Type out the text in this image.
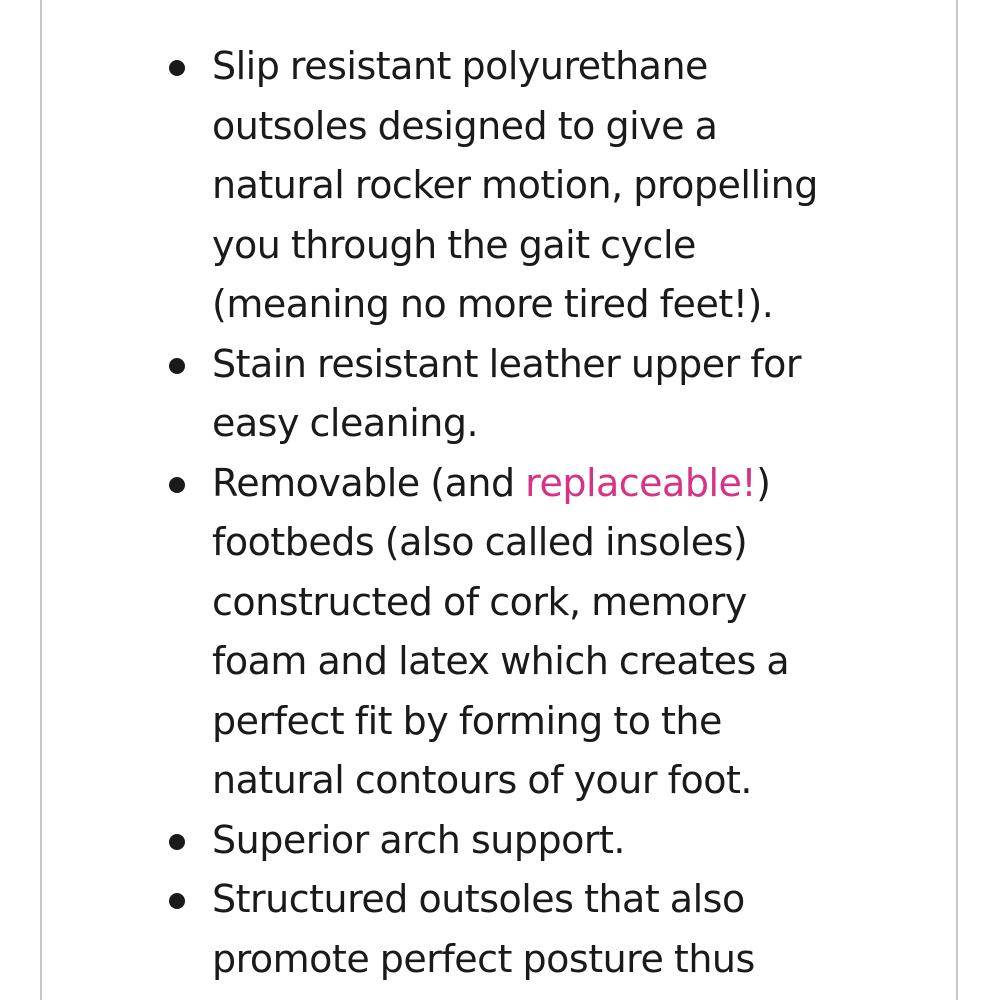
Slip resistant polyurethane
outsoles designed to give a
natural rocker motion, propelling
you through the gait cycle
(meaning no more tired feet!).
Stain resistant leather upper for
easy cleaning.
Removable (and replaceable!)
footbeds (also called insoles)
constructed of cork, memory
foam and latex which creates a
perfect fit by forming to the
natural contours of your foot.
Superior arch support.
Structured outsoles that also
promote perfect posture thus
